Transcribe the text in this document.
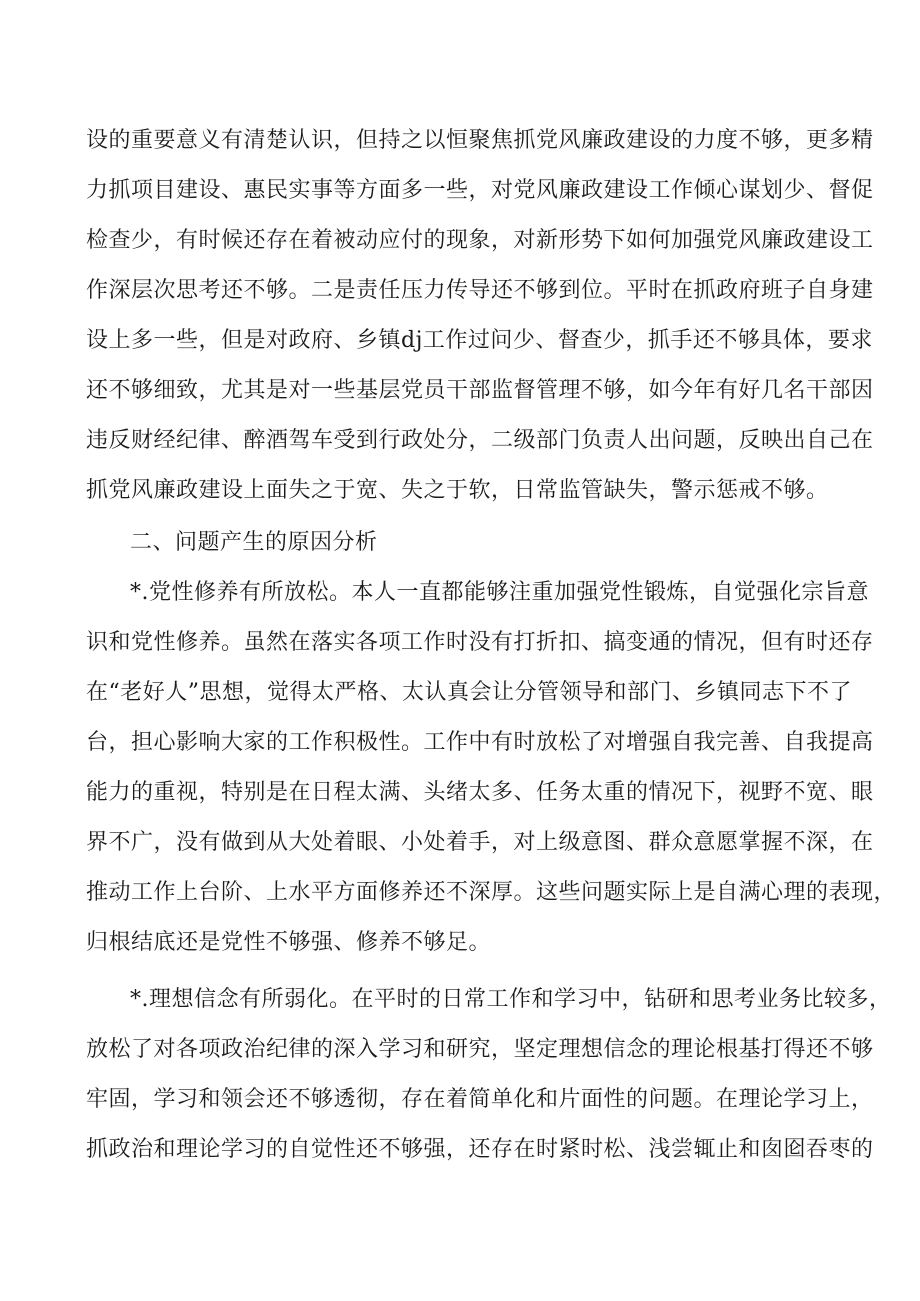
设的重要意义有清楚认识，但持之以恒聚焦抓党风廉政建设的力度不够，更多精
力抓项目建设、惠民实事等方面多一些，对党风廉政建设工作倾心谋划少、督促
检查少，有时候还存在着被动应付的现象，对新形势下如何加强党风廉政建设工
作深层次思考还不够。二是责任压力传导还不够到位。平时在抓政府班子自身建
设上多一些，但是对政府、乡镇dj工作过问少、督查少，抓手还不够具体，要求
还不够细致，尤其是对一些基层党员干部监督管理不够，如今年有好几名干部因
违反财经纪律、醉酒驾车受到行政处分，二级部门负责人出问题，反映出自己在
抓党风廉政建设上面失之于宽、失之于软，日常监管缺失，警示惩戒不够。
二、问题产生的原因分析
*.党性修养有所放松。本人一直都能够注重加强党性锻炼，自觉强化宗旨意
识和党性修养。虽然在落实各项工作时没有打折扣、搞变通的情况，但有时还存
在“老好人”思想，觉得太严格、太认真会让分管领导和部门、乡镇同志下不了
台，担心影响大家的工作积极性。工作中有时放松了对增强自我完善、自我提高
能力的重视，特别是在日程太满、头绪太多、任务太重的情况下，视野不宽、眼
界不广，没有做到从大处着眼、小处着手，对上级意图、群众意愿掌握不深，在
推动工作上台阶、上水平方面修养还不深厚。这些问题实际上是自满心理的表现，
归根结底还是党性不够强、修养不够足。
*.理想信念有所弱化。在平时的日常工作和学习中，钻研和思考业务比较多，
放松了对各项政治纪律的深入学习和研究，坚定理想信念的理论根基打得还不够
牢固，学习和领会还不够透彻，存在着简单化和片面性的问题。在理论学习上，
抓政治和理论学习的自觉性还不够强，还存在时紧时松、浅尝辄止和囱囵吞枣的
